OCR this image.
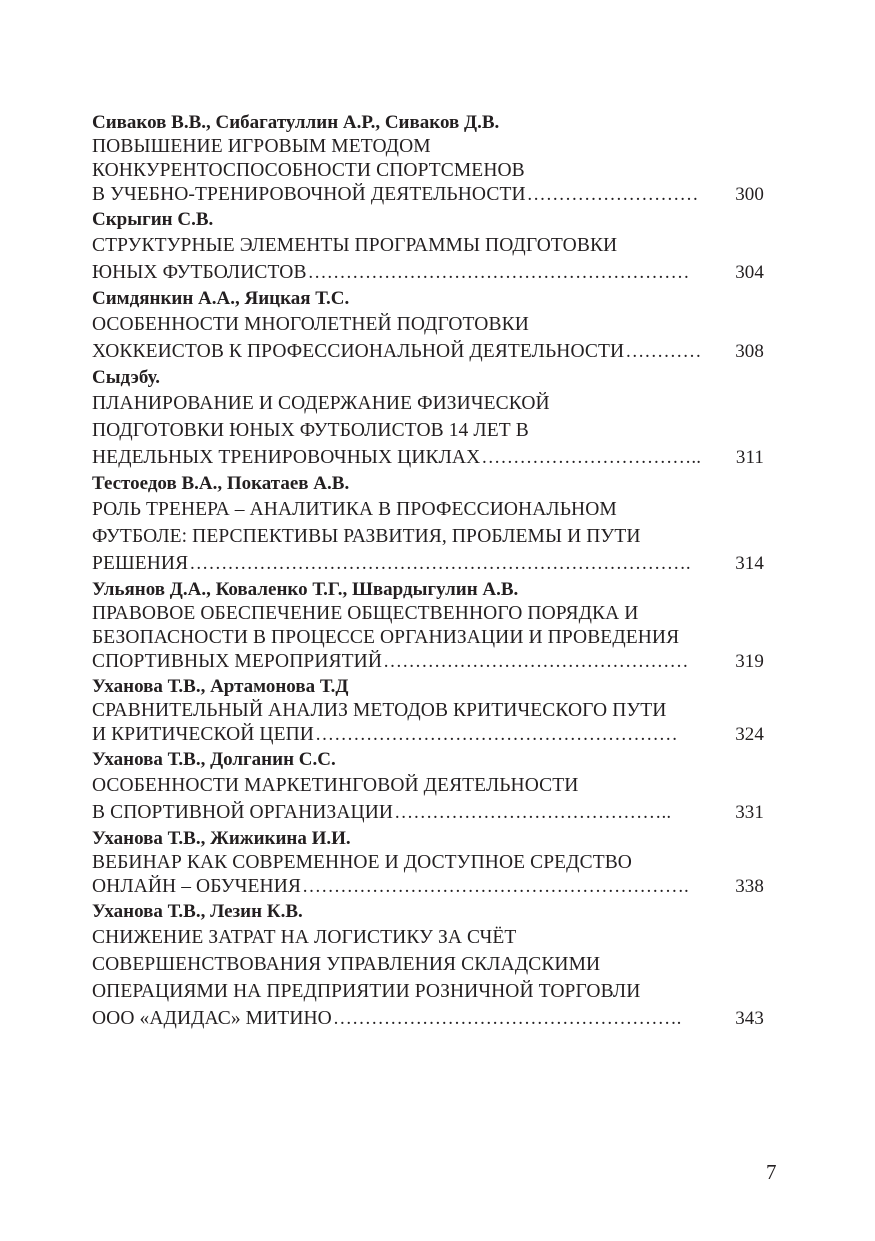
Сиваков В.В., Сибагатуллин А.Р., Сиваков Д.В.
ПОВЫШЕНИЕ ИГРОВЫМ МЕТОДОМ
КОНКУРЕНТОСПОСОБНОСТИ СПОРТСМЕНОВ
В УЧЕБНО-ТРЕНИРОВОЧНОЙ ДЕЯТЕЛЬНОСТИ ………………………	300
Скрыгин С.В.
СТРУКТУРНЫЕ ЭЛЕМЕНТЫ ПРОГРАММЫ ПОДГОТОВКИ
ЮНЫХ ФУТБОЛИСТОВ ……………………………………………………	304
Симдянкин А.А., Яицкая Т.С.
ОСОБЕННОСТИ МНОГОЛЕТНЕЙ ПОДГОТОВКИ
ХОККЕИСТОВ К ПРОФЕССИОНАЛЬНОЙ ДЕЯТЕЛЬНОСТИ …………	308
Сыдэбу.
ПЛАНИРОВАНИЕ И СОДЕРЖАНИЕ ФИЗИЧЕСКОЙ
ПОДГОТОВКИ ЮНЫХ ФУТБОЛИСТОВ 14 ЛЕТ В
НЕДЕЛЬНЫХ ТРЕНИРОВОЧНЫХ ЦИКЛАХ ……………………………..	311
Тестоедов В.А., Покатаев А.В.
РОЛЬ ТРЕНЕРА – АНАЛИТИКА В ПРОФЕССИОНАЛЬНОМ
ФУТБОЛЕ: ПЕРСПЕКТИВЫ РАЗВИТИЯ, ПРОБЛЕМЫ И ПУТИ
РЕШЕНИЯ …………………………………………………………………….	314
Ульянов Д.А., Коваленко Т.Г., Швардыгулин А.В.
ПРАВОВОЕ ОБЕСПЕЧЕНИЕ ОБЩЕСТВЕННОГО ПОРЯДКА И
БЕЗОПАСНОСТИ В ПРОЦЕССЕ ОРГАНИЗАЦИИ И ПРОВЕДЕНИЯ
СПОРТИВНЫХ МЕРОПРИЯТИЙ …………………………………………	319
Уханова Т.В., Артамонова Т.Д
СРАВНИТЕЛЬНЫЙ АНАЛИЗ МЕТОДОВ КРИТИЧЕСКОГО ПУТИ
И КРИТИЧЕСКОЙ ЦЕПИ …………………………………………………	324
Уханова Т.В., Долганин С.С.
ОСОБЕННОСТИ МАРКЕТИНГОВОЙ ДЕЯТЕЛЬНОСТИ
В СПОРТИВНОЙ ОРГАНИЗАЦИИ ……………………………………..	331
Уханова Т.В., Жижикина И.И.
ВЕБИНАР КАК СОВРЕМЕННОЕ И ДОСТУПНОЕ СРЕДСТВО
ОНЛАЙН – ОБУЧЕНИЯ …………………………………………………….	338
Уханова Т.В., Лезин К.В.
СНИЖЕНИЕ ЗАТРАТ НА ЛОГИСТИКУ ЗА СЧЁТ
СОВЕРШЕНСТВОВАНИЯ УПРАВЛЕНИЯ СКЛАДСКИМИ
ОПЕРАЦИЯМИ НА ПРЕДПРИЯТИИ РОЗНИЧНОЙ ТОРГОВЛИ
ООО «АДИДАС» МИТИНО ……………………………………………….	343
7
